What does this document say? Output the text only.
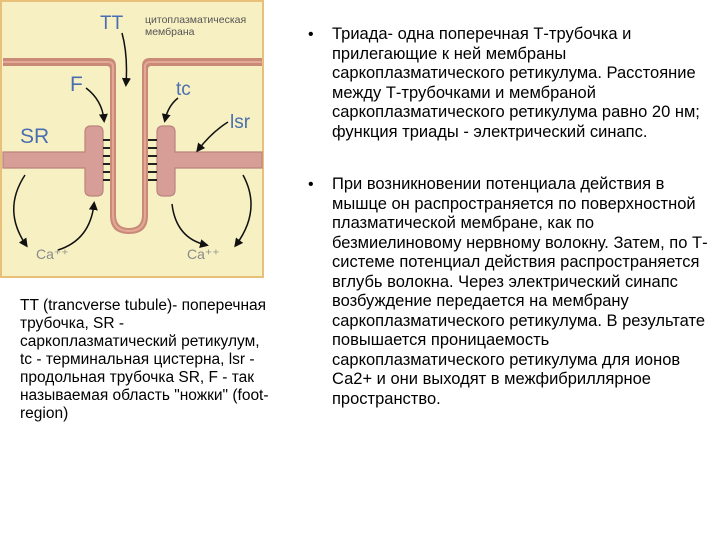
TT цитоплазматическая мембрана
F	tc
SR
lsr
Ca⁺⁺	Ca⁺⁺
TT (trancverse tubule)- поперечная трубочка, SR - саркоплазматический ретикулум, tc - терминальная цистерна, lsr - продольная трубочка SR, F - так называемая область "ножки" (foot-region)
• Триада- одна поперечная Т-трубочка и прилегающие к ней мембраны саркоплазматического ретикулума. Расстояние между Т-трубочками и мембраной саркоплазматического ретикулума равно 20 нм; функция триады - электрический синапс.
• При возникновении потенциала действия в мышце он распространяется по поверхностной плазматической мембране, как по безмиелиновому нервному волокну. Затем, по Т-системе потенциал действия распространяется вглубь волокна. Через электрический синапс возбуждение передается на мембрану саркоплазматического ретикулума. В результате повышается проницаемость саркоплазматического ретикулума для ионов Са2+ и они выходят в межфибриллярное пространство.
